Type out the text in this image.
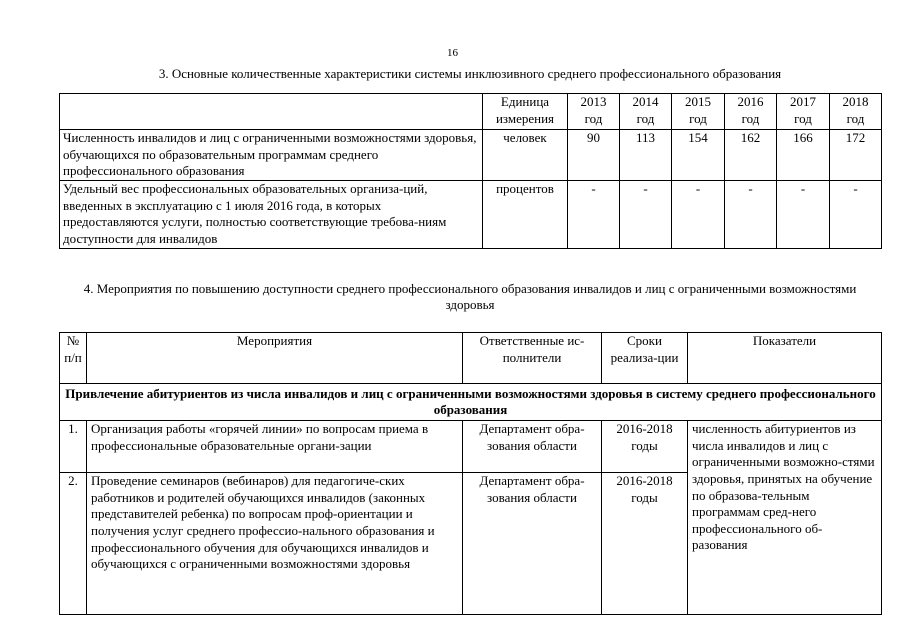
16
3. Основные количественные характеристики системы инклюзивного среднего профессионального образования
	Единица измерения	2013 год	2014 год	2015 год	2016 год	2017 год	2018 год
Численность инвалидов и лиц с ограниченными возможностями здоровья, обучающихся по образовательным программам среднего профессионального образования	человек	90	113	154	162	166	172
Удельный вес профессиональных образовательных организа-ций, введенных в эксплуатацию с 1 июля 2016 года, в которых предоставляются услуги, полностью соответствующие требова-ниям доступности для инвалидов	процентов	-	-	-	-	-	-
4. Мероприятия по повышению доступности среднего профессионального образования инвалидов и лиц с ограниченными возможностями здоровья
№ п/п	Мероприятия	Ответственные ис-полнители	Сроки реализа-ции	Показатели
Привлечение абитуриентов из числа инвалидов и лиц с ограниченными возможностями здоровья в систему среднего профессионального образования				
1.	Организация работы «горячей линии» по вопросам приема в профессиональные образовательные органи-зации	Департамент обра-зования области	2016-2018 годы	численность абитуриентов из числа инвалидов и лиц с ограниченными возможно-стями здоровья, принятых на обучение по образова-тельным программам сред-него профессионального об-разования
2.	Проведение семинаров (вебинаров) для педагогиче-ских работников и родителей обучающихся инвалидов (законных представителей ребенка) по вопросам проф-ориентации и получения услуг среднего профессио-нального образования и профессионального обучения для обучающихся инвалидов и обучающихся с ограниченными возможностями здоровья	Департамент обра-зования области	2016-2018 годы	
